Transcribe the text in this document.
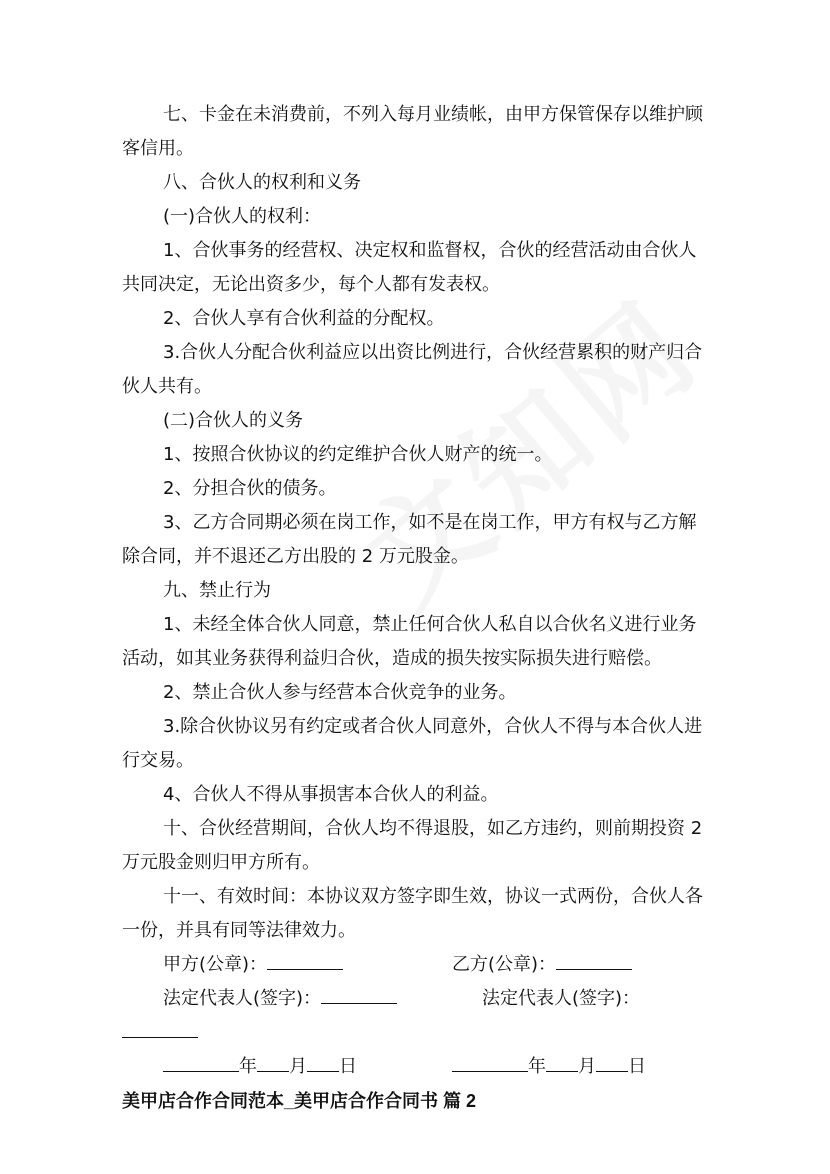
七、卡金在未消费前，不列入每月业绩帐，由甲方保管保存以维护顾客信用。

八、合伙人的权利和义务

(一)合伙人的权利：

1、合伙事务的经营权、决定权和监督权，合伙的经营活动由合伙人共同决定，无论出资多少，每个人都有发表权。

2、合伙人享有合伙利益的分配权。

3.合伙人分配合伙利益应以出资比例进行，合伙经营累积的财产归合伙人共有。

(二)合伙人的义务

1、按照合伙协议的约定维护合伙人财产的统一。

2、分担合伙的债务。

3、乙方合同期必须在岗工作，如不是在岗工作，甲方有权与乙方解除合同，并不退还乙方出股的 2 万元股金。

九、禁止行为

1、未经全体合伙人同意，禁止任何合伙人私自以合伙名义进行业务活动，如其业务获得利益归合伙，造成的损失按实际损失进行赔偿。

2、禁止合伙人参与经营本合伙竞争的业务。

3.除合伙协议另有约定或者合伙人同意外，合伙人不得与本合伙人进行交易。

4、合伙人不得从事损害本合伙人的利益。

十、合伙经营期间，合伙人均不得退股，如乙方违约，则前期投资 2 万元股金则归甲方所有。

十一、有效时间：本协议双方签字即生效，协议一式两份，合伙人各一份，并具有同等法律效力。

甲方(公章)：	乙方(公章)：
法定代表人(签字)：	法定代表人(签字)：

年 月 日	年 月 日

美甲店合作合同范本_美甲店合作合同书 篇 2
